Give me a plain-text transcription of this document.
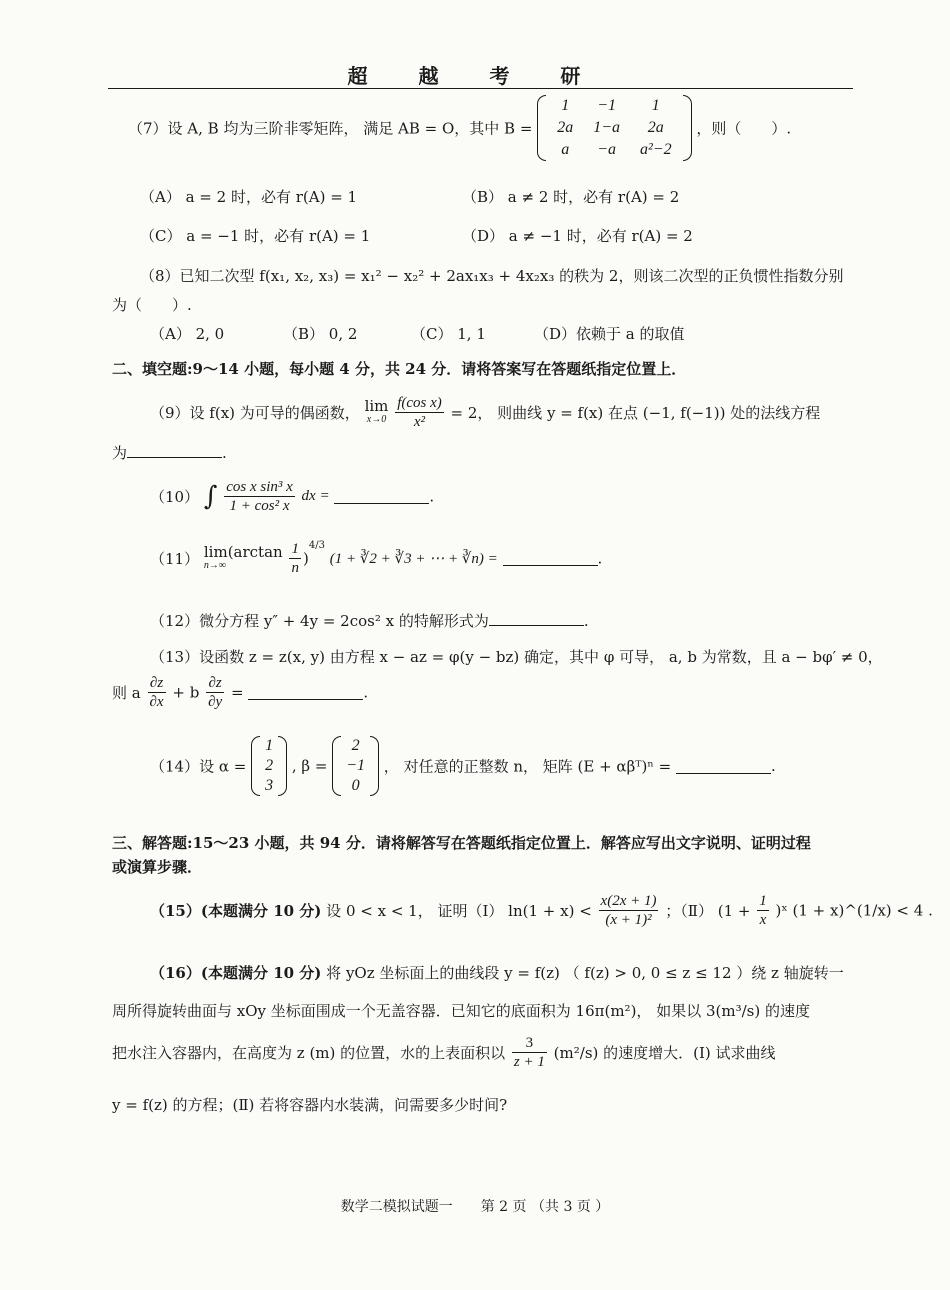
超 越 考 研
（7）设 A, B 均为三阶非零矩阵， 满足 AB = O，其中 B =
1	−1	1
2a	1−a	2a
a	−a	a²−2
，则（　　）.
（A） a = 2 时，必有 r(A) = 1	（B） a ≠ 2 时，必有 r(A) = 2
（C） a = −1 时，必有 r(A) = 1	（D） a ≠ −1 时，必有 r(A) = 2
（8）已知二次型 f(x₁, x₂, x₃) = x₁² − x₂² + 2ax₁x₃ + 4x₂x₃ 的秩为 2，则该二次型的正负惯性指数分别
为（　　）.
（A） 2, 0	（B） 0, 2	（C） 1, 1	（D）依赖于 a 的取值
二、填空题:9～14 小题，每小题 4 分，共 24 分．请将答案写在答题纸指定位置上．
（9）设 f(x) 为可导的偶函数， lim
x→0
$\frac{\text{f(cos x)}}{\text{x²}} = 2$， 则曲线 y = f(x) 在点 (−1, f(−1)) 处的法线方程
为	.
（10） ∫ $\frac{\text{cos x sin³ x}}{\text{1 + cos² x}}$ dx =	.
（11） lim(arctan
n→∞
	$\frac{1}{n} )^{4/3}$ (1 + ∛2 + ∛3 + ⋯ + ∛n) =	.
（12）微分方程 y″ + 4y = 2cos² x 的特解形式为	.
（13）设函数 z = z(x, y) 由方程 x − az = φ(y − bz) 确定，其中 φ 可导， a, b 为常数，且 a − bφ′ ≠ 0，
则 a $\frac{\partial z}{\partial x} + b \frac{\partial z}{\partial y}$ =	.
（14）设 α =
1
2
3
, β =
2
−1
0
， 对任意的正整数 n， 矩阵 (E + αβᵀ)ⁿ =	.
三、解答题:15～23 小题，共 94 分．请将解答写在答题纸指定位置上．解答应写出文字说明、证明过程
或演算步骤．
（15）(本题满分 10 分) 设 0 < x < 1， 证明（Ⅰ） $\ln(1 + x) < \frac{x(2x + 1)}{\text{(x + 1)²}}$ ；（Ⅱ） ($1 + \frac{1}{x}$ )ˣ (1 + x)^(1/x) < 4 .
（16）(本题满分 10 分) 将 yOz 坐标面上的曲线段 y = f(z) （ f(z) > 0, 0 ≤ z ≤ 12 ）绕 z 轴旋转一
周所得旋转曲面与 xOy 坐标面围成一个无盖容器．已知它的底面积为 16π(m²)， 如果以 3(m³/s) 的速度
把水注入容器内，在高度为 z (m) 的位置，水的上表面积以 $\frac{3}{z + 1} (m^2/s)$ 的速度增大．(Ⅰ) 试求曲线
y = f(z) 的方程；(Ⅱ) 若将容器内水装满，问需要多少时间?
数学二模拟试题一　　第 2 页 （共 3 页 ）
